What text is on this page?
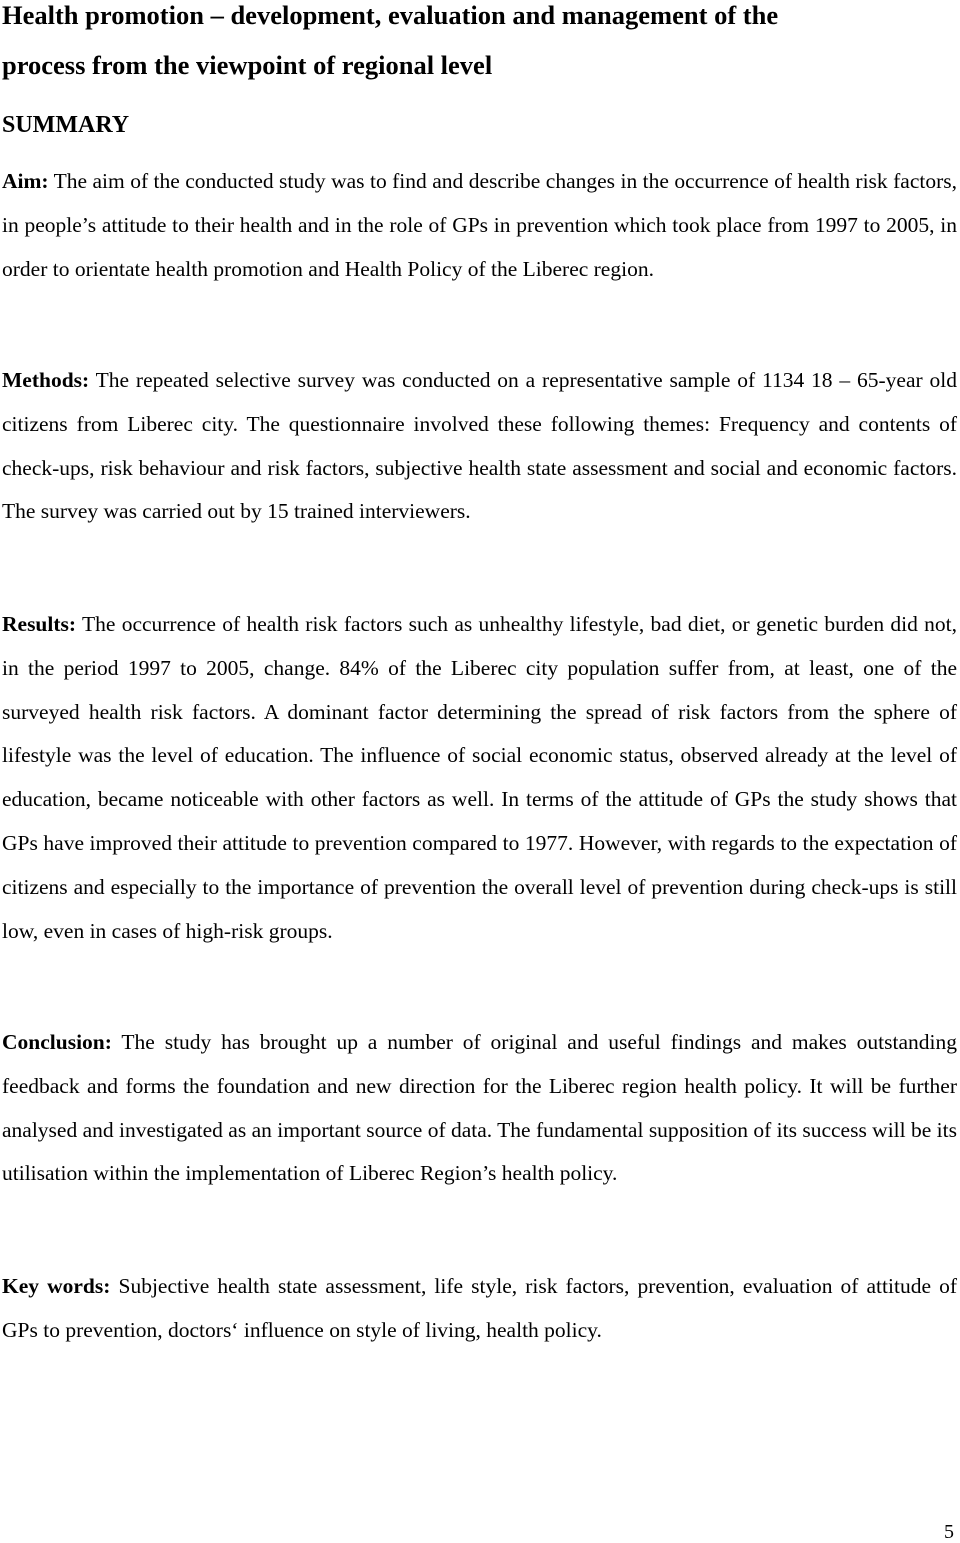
Health promotion – development, evaluation and management of the
process from the viewpoint of regional level
SUMMARY

Aim: The aim of the conducted study was to find and describe changes in the occurrence of health risk factors, in people’s attitude to their health and in the role of GPs in prevention which took place from 1997 to 2005, in order to orientate health promotion and Health Policy of the Liberec region.

Methods: The repeated selective survey was conducted on a representative sample of 1134 18 – 65-year old citizens from Liberec city. The questionnaire involved these following themes: Frequency and contents of check-ups, risk behaviour and risk factors, subjective health state assessment and social and economic factors. The survey was carried out by 15 trained interviewers.

Results: The occurrence of health risk factors such as unhealthy lifestyle, bad diet, or genetic burden did not, in the period 1997 to 2005, change. 84% of the Liberec city population suffer from, at least, one of the surveyed health risk factors. A dominant factor determining the spread of risk factors from the sphere of lifestyle was the level of education. The influence of social economic status, observed already at the level of education, became noticeable with other factors as well. In terms of the attitude of GPs the study shows that GPs have improved their attitude to prevention compared to 1977. However, with regards to the expectation of citizens and especially to the importance of prevention the overall level of prevention during check-ups is still low, even in cases of high-risk groups.

Conclusion: The study has brought up a number of original and useful findings and makes outstanding feedback and forms the foundation and new direction for the Liberec region health policy. It will be further analysed and investigated as an important source of data. The fundamental supposition of its success will be its utilisation within the implementation of Liberec Region’s health policy.

Key words: Subjective health state assessment, life style, risk factors, prevention, evaluation of attitude of GPs to prevention, doctors‘ influence on style of living, health policy.

5
